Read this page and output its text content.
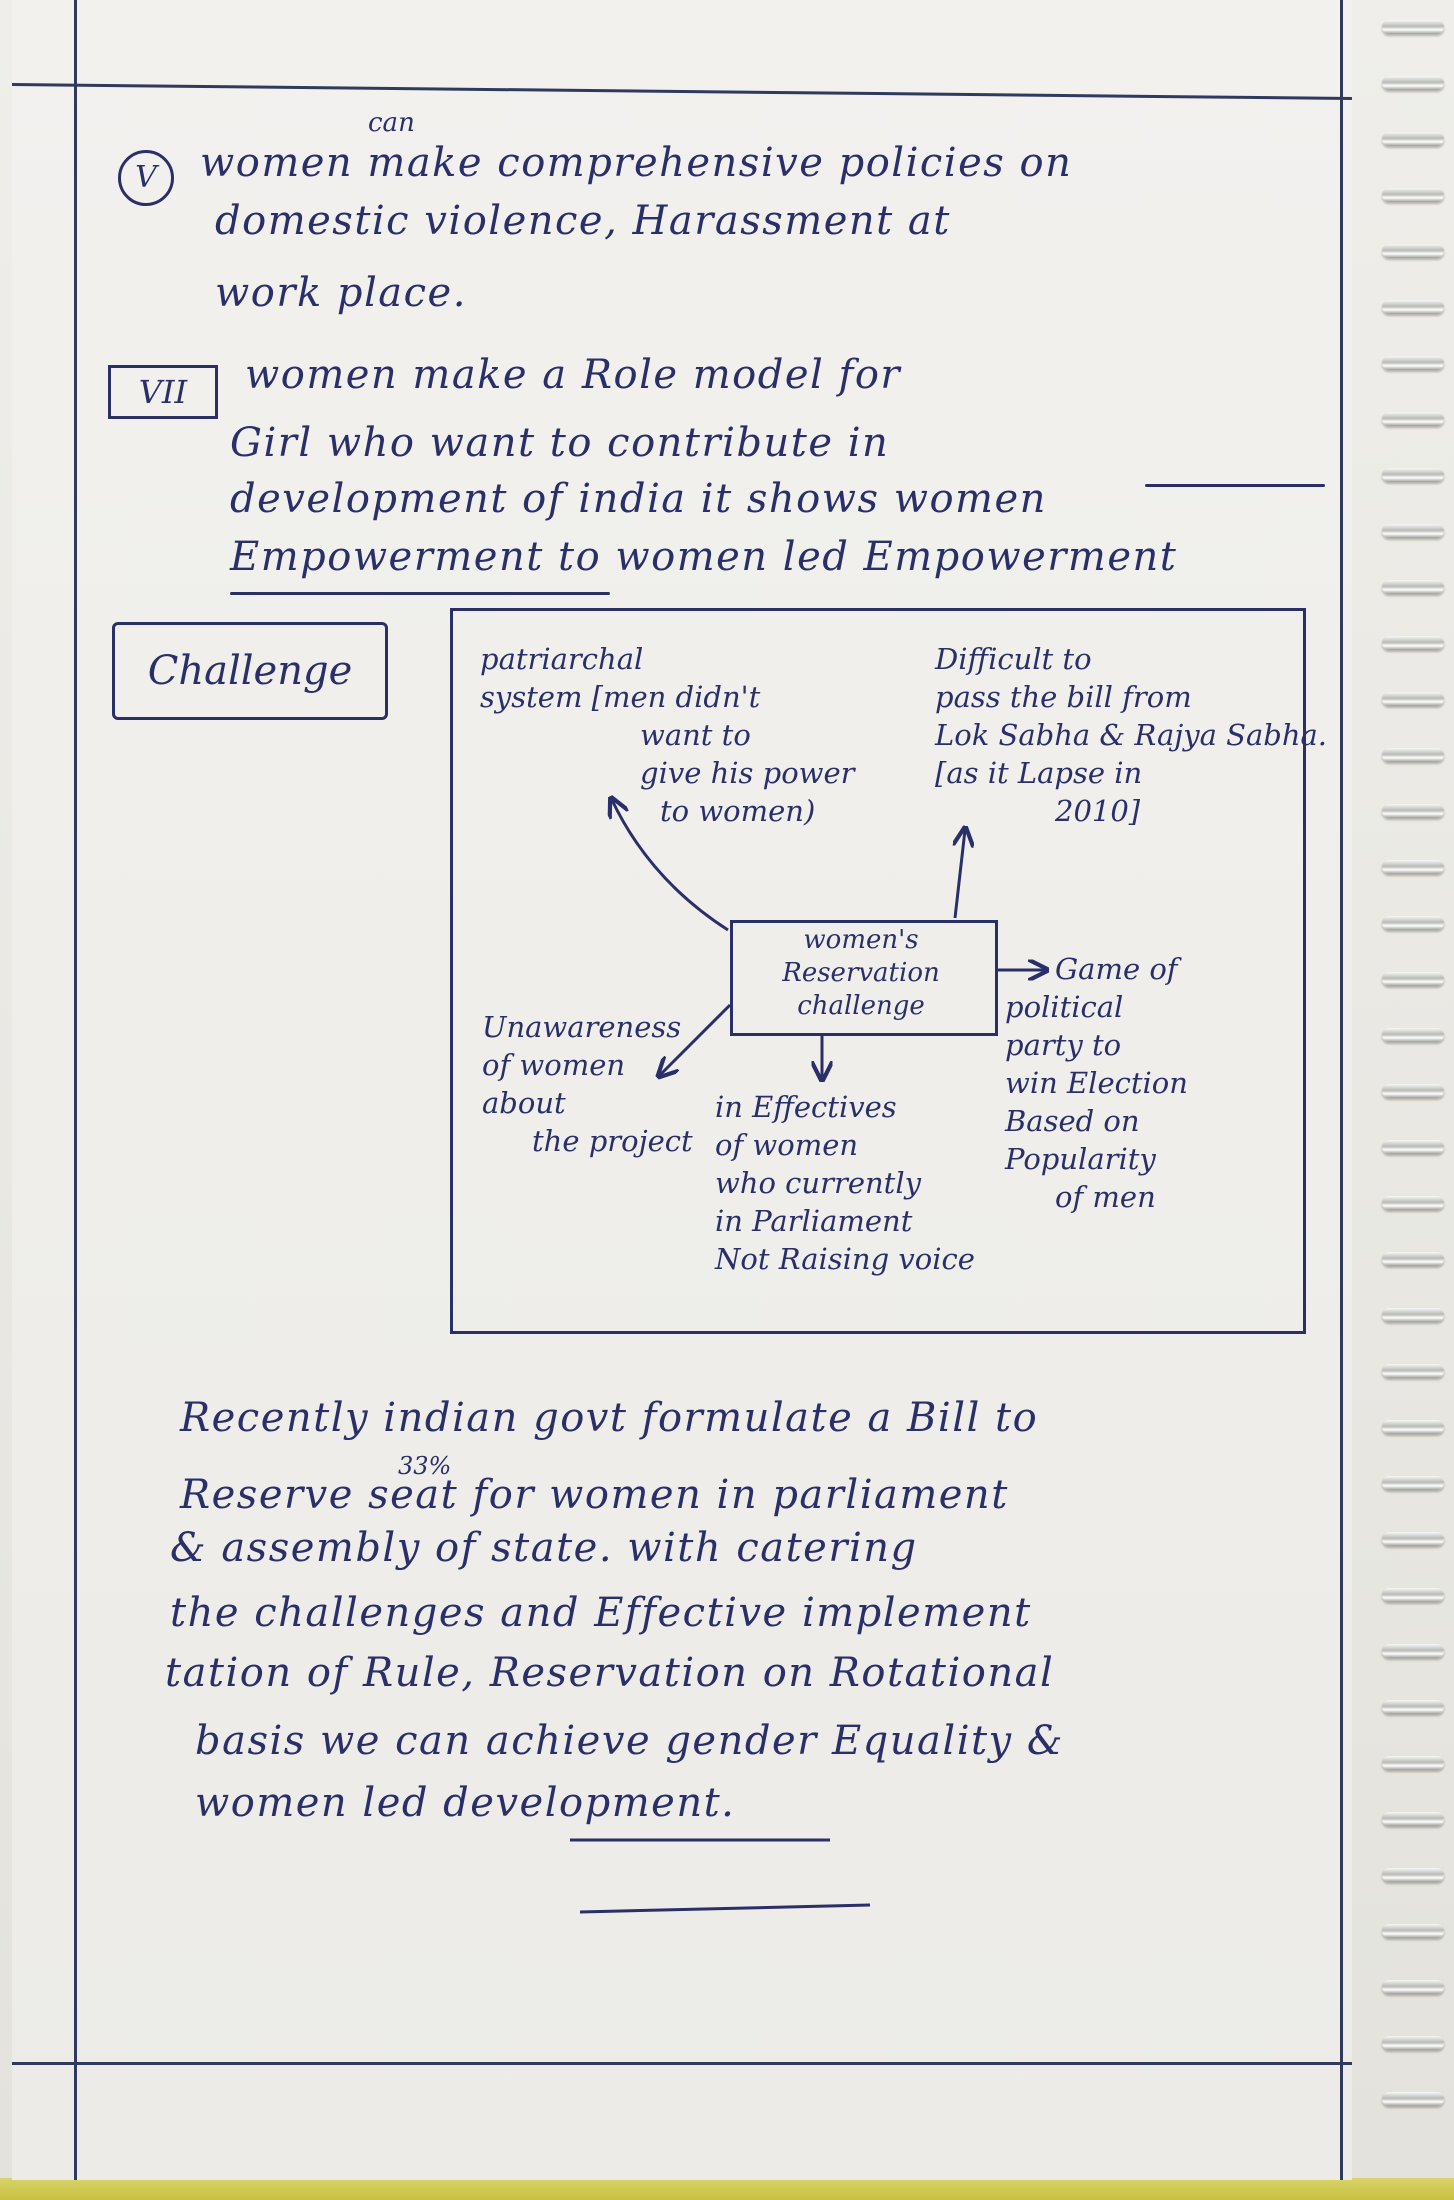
V
can
women make comprehensive policies on
domestic violence, Harassment at
work place.
VII	women make a Role model for
Girl who want to contribute in
development of india it shows women
Empowerment to women led Empowerment
Challenge
women's
Reservation
challenge
patriarchal
system [men didn't
want to
give his power
to women)
Difficult to
pass the bill from
Lok Sabha & Rajya Sabha.
[as it Lapse in
2010]
Unawareness
of women
about
the project
in Effectives
of women
who currently
in Parliament
Not Raising voice
Game of
political
party to
win Election
Based on
Popularity
of men
33%
Recently indian govt formulate a Bill to
Reserve seat for women in parliament
& assembly of state. with catering
the challenges and Effective implement
tation of Rule, Reservation on Rotational
basis we can achieve gender Equality &
women led development.
